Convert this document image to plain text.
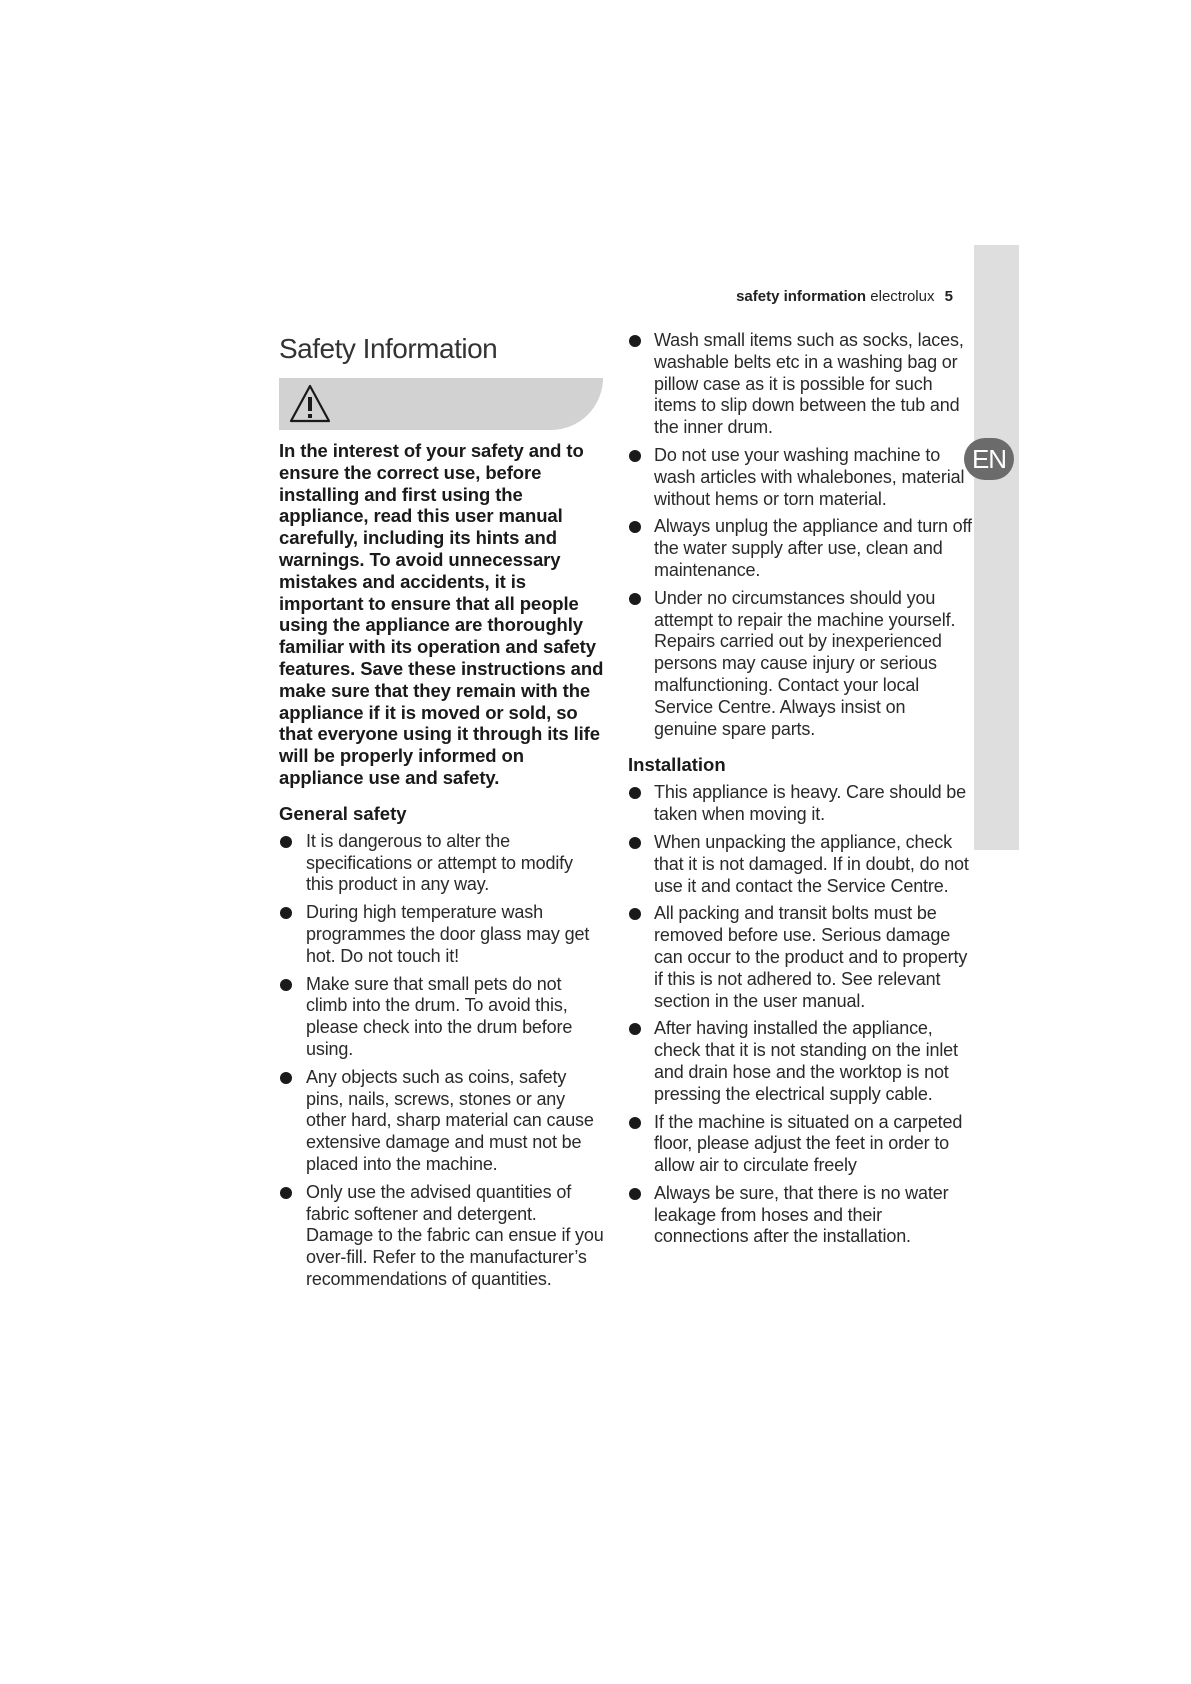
EN
safety information electrolux 5
Safety Information

In the interest of your safety and to ensure the correct use, before installing and first using the appliance, read this user manual carefully, including its hints and warnings. To avoid unnecessary mistakes and accidents, it is important to ensure that all people using the appliance are thoroughly familiar with its operation and safety features. Save these instructions and make sure that they remain with the appliance if it is moved or sold, so that everyone using it through its life will be properly informed on appliance use and safety.

General safety
It is dangerous to alter the specifications or attempt to modify this product in any way.
During high temperature wash programmes the door glass may get hot. Do not touch it!
Make sure that small pets do not climb into the drum. To avoid this, please check into the drum before using.
Any objects such as coins, safety pins, nails, screws, stones or any other hard, sharp material can cause extensive damage and must not be placed into the machine.
Only use the advised quantities of fabric softener and detergent. Damage to the fabric can ensue if you over-fill. Refer to the manufacturer’s recommendations of quantities.
Wash small items such as socks, laces, washable belts etc in a washing bag or pillow case as it is possible for such items to slip down between the tub and the inner drum.
Do not use your washing machine to wash articles with whalebones, material without hems or torn material.
Always unplug the appliance and turn off the water supply after use, clean and maintenance.
Under no circumstances should you attempt to repair the machine yourself. Repairs carried out by inexperienced persons may cause injury or serious malfunctioning. Contact your local Service Centre. Always insist on genuine spare parts.
Installation
This appliance is heavy. Care should be taken when moving it.
When unpacking the appliance, check that it is not damaged. If in doubt, do not use it and contact the Service Centre.
All packing and transit bolts must be removed before use. Serious damage can occur to the product and to property if this is not adhered to. See relevant section in the user manual.
After having installed the appliance, check that it is not standing on the inlet and drain hose and the worktop is not pressing the electrical supply cable.
If the machine is situated on a carpeted floor, please adjust the feet in order to allow air to circulate freely
Always be sure, that there is no water leakage from hoses and their connections after the installation.
